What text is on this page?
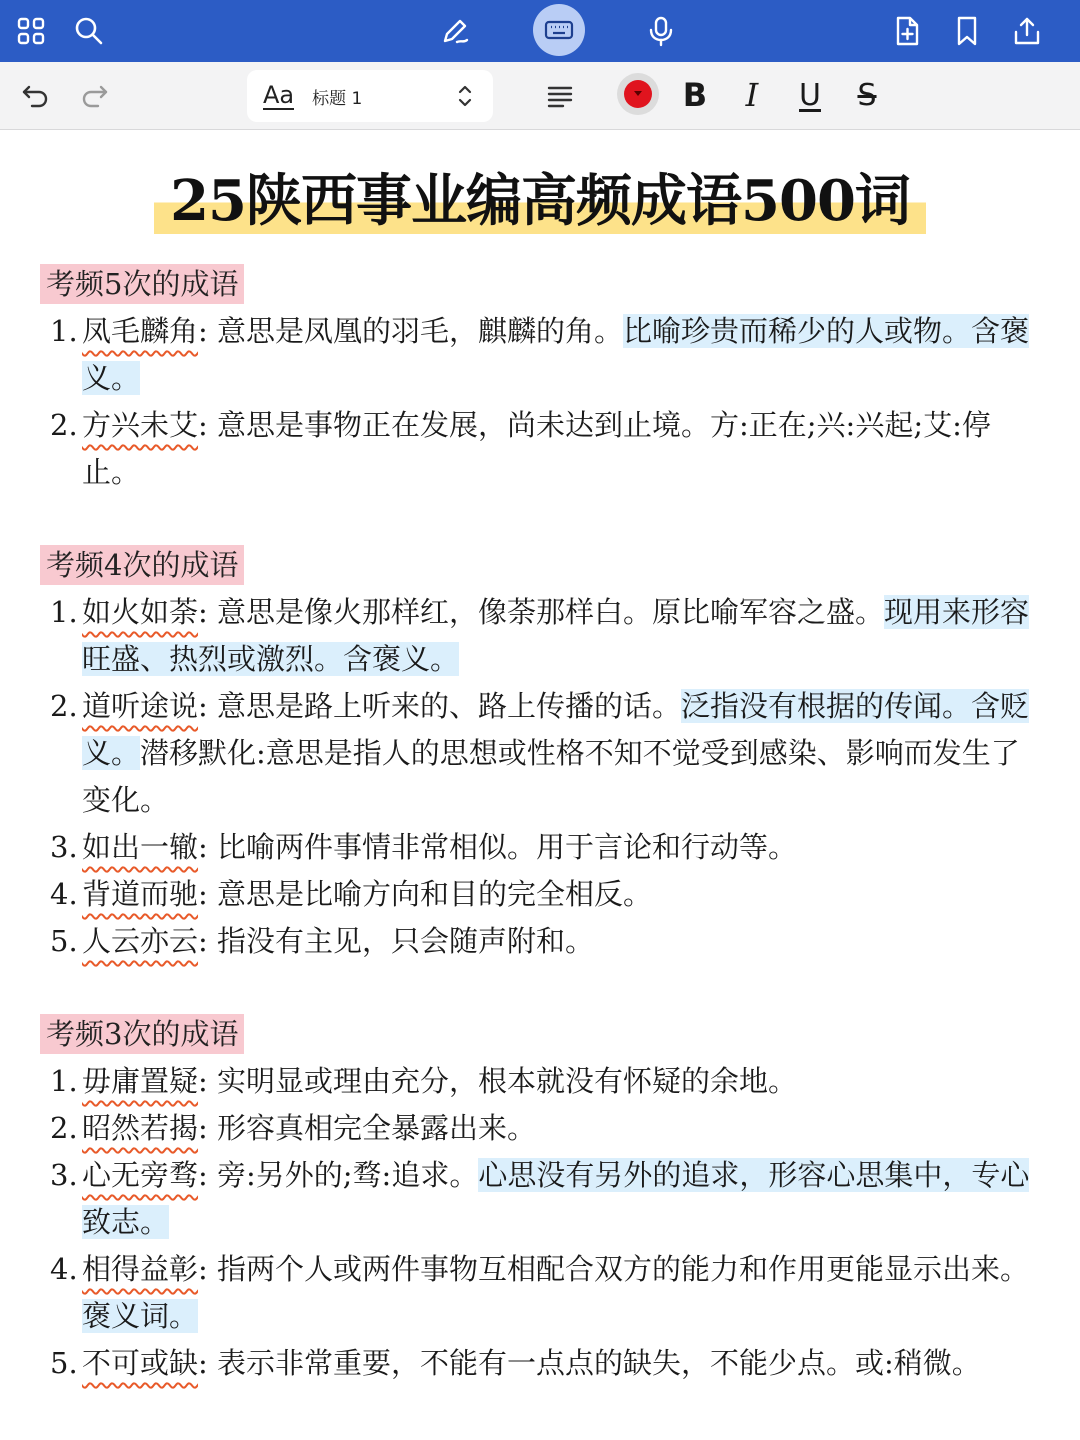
Aa 标题 1	B	I	U	S
25陕西事业编高频成语500词
考频5次的成语
1. 凤毛麟角: 意思是凤凰的羽毛，麒麟的角。比喻珍贵而稀少的人或物。含褒义。
2. 方兴未艾: 意思是事物正在发展，尚未达到止境。方:正在;兴:兴起;艾:停止。
考频4次的成语
1. 如火如荼: 意思是像火那样红，像荼那样白。原比喻军容之盛。现用来形容旺盛、热烈或激烈。含褒义。
2. 道听途说: 意思是路上听来的、路上传播的话。泛指没有根据的传闻。含贬义。潜移默化:意思是指人的思想或性格不知不觉受到感染、影响而发生了变化。
3. 如出一辙: 比喻两件事情非常相似。用于言论和行动等。
4. 背道而驰: 意思是比喻方向和目的完全相反。
5. 人云亦云: 指没有主见，只会随声附和。
考频3次的成语
1. 毋庸置疑: 实明显或理由充分，根本就没有怀疑的余地。
2. 昭然若揭: 形容真相完全暴露出来。
3. 心无旁骛: 旁:另外的;骛:追求。心思没有另外的追求，形容心思集中，专心致志。
4. 相得益彰: 指两个人或两件事物互相配合双方的能力和作用更能显示出来。褒义词。
5. 不可或缺: 表示非常重要，不能有一点点的缺失，不能少点。或:稍微。
